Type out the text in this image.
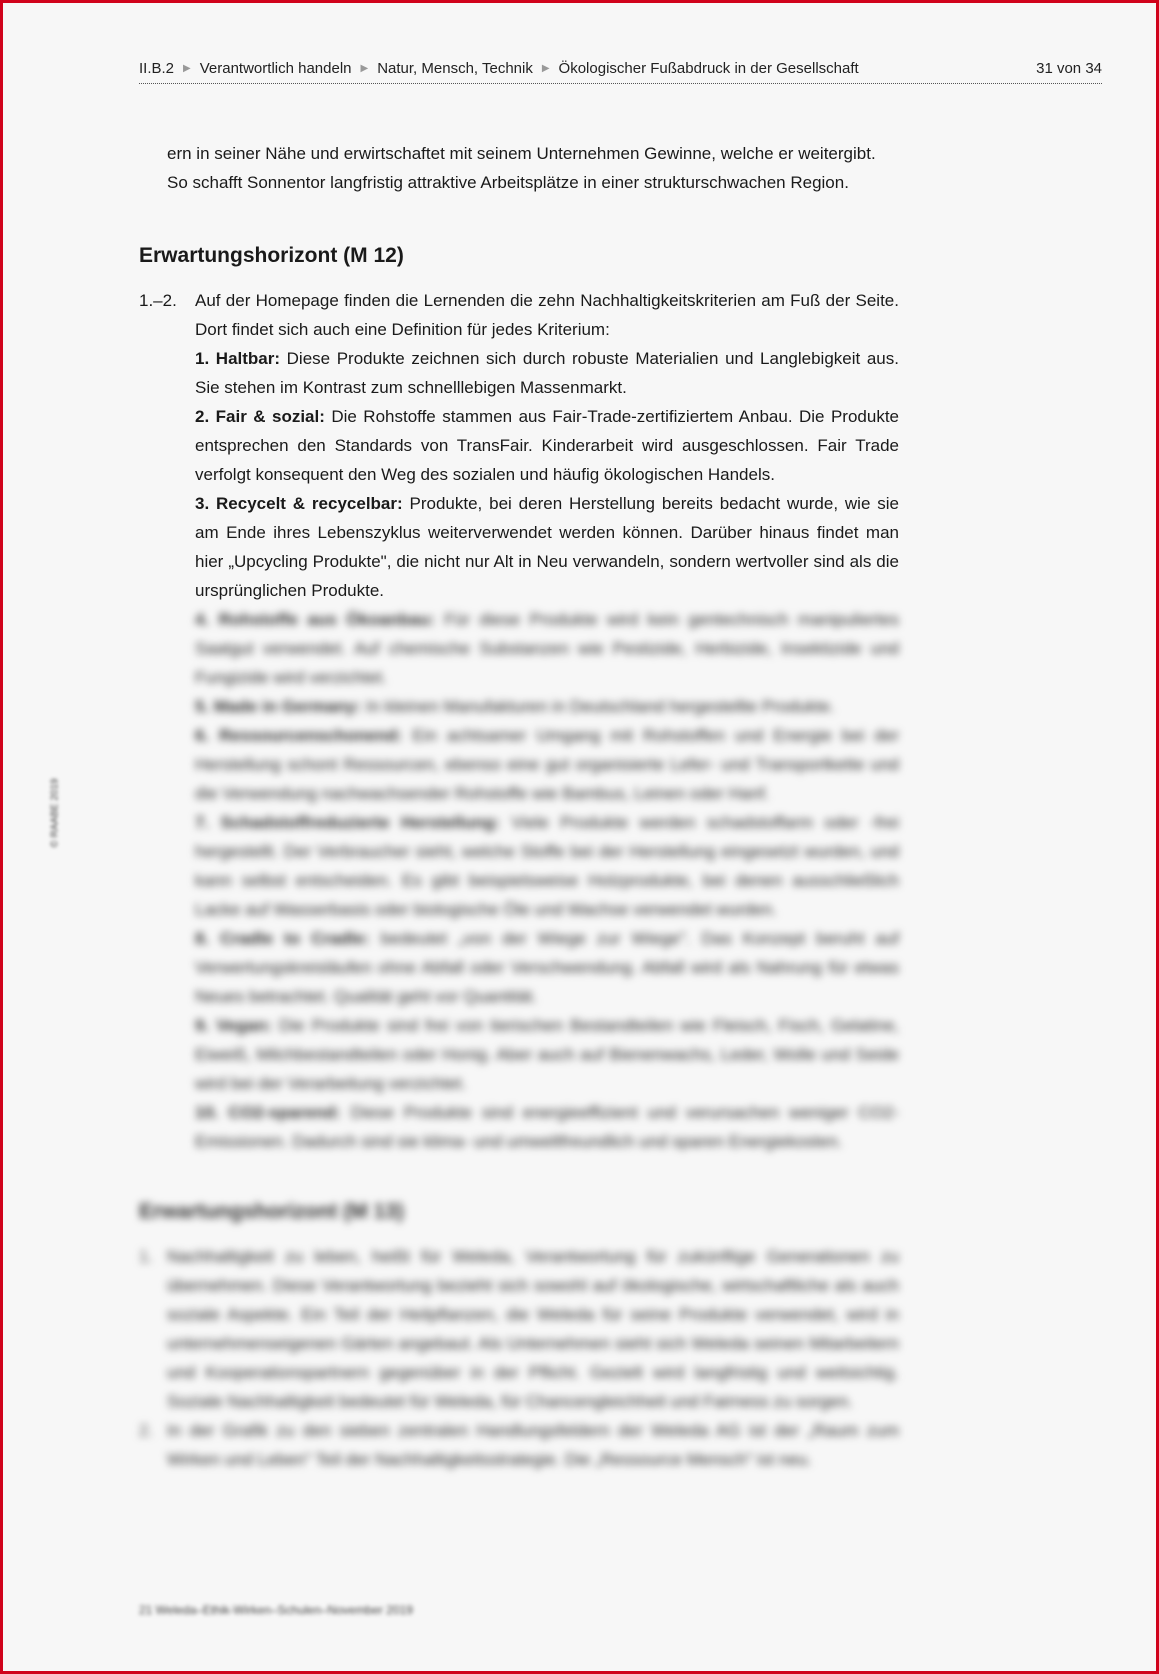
II.B.2 ▶ Verantwortlich handeln ▶ Natur, Mensch, Technik ▶ Ökologischer Fußabdruck in der Gesellschaft	31 von 34

ern in seiner Nähe und erwirtschaftet mit seinem Unternehmen Gewinne, welche er weitergibt.

So schafft Sonnentor langfristig attraktive Arbeitsplätze in einer strukturschwachen Region.

Erwartungshorizont (M 12)
1.–2.	Auf der Homepage finden die Lernenden die zehn Nachhaltigkeitskriterien am Fuß der Seite. Dort findet sich auch eine Definition für jedes Kriterium:

1. Haltbar: Diese Produkte zeichnen sich durch robuste Materialien und Langlebigkeit aus. Sie stehen im Kontrast zum schnelllebigen Massenmarkt.

2. Fair & sozial: Die Rohstoffe stammen aus Fair-Trade-zertifiziertem Anbau. Die Produkte entsprechen den Standards von TransFair. Kinderarbeit wird ausgeschlossen. Fair Trade verfolgt konsequent den Weg des sozialen und häufig ökologischen Handels.

3. Recycelt & recycelbar: Produkte, bei deren Herstellung bereits bedacht wurde, wie sie am Ende ihres Lebenszyklus weiterverwendet werden können. Darüber hinaus findet man hier „Upcycling Produkte", die nicht nur Alt in Neu verwandeln, sondern wertvoller sind als die ursprünglichen Produkte.

4. Rohstoffe aus Ökoanbau: Für diese Produkte wird kein gentechnisch manipuliertes Saatgut verwendet. Auf chemische Substanzen wie Pestizide, Herbizide, Insektizide und Fungizide wird verzichtet.

5. Made in Germany: In kleinen Manufakturen in Deutschland hergestellte Produkte.

6. Ressourcenschonend: Ein achtsamer Umgang mit Rohstoffen und Energie bei der Herstellung schont Ressourcen, ebenso eine gut organisierte Lefer- und Transportkette und die Verwendung nachwachsender Rohstoffe wie Bambus, Leinen oder Hanf.

7. Schadstoffreduzierte Herstellung: Viele Produkte werden schadstoffarm oder -frei hergestellt. Der Verbraucher sieht, welche Stoffe bei der Herstellung eingesetzt wurden, und kann selbst entscheiden. Es gibt beispielsweise Holzprodukte, bei denen ausschließlich Lacke auf Wasserbasis oder biologische Öle und Wachse verwendet wurden.

8. Cradle to Cradle: bedeutet „von der Wiege zur Wiege". Das Konzept beruht auf Verwertungskreisläufen ohne Abfall oder Verschwendung. Abfall wird als Nahrung für etwas Neues betrachtet. Qualität geht vor Quantität.

9. Vegan: Die Produkte sind frei von tierischen Bestandteilen wie Fleisch, Fisch, Gelatine, Eiweiß, Milchbestandteilen oder Honig. Aber auch auf Bienenwachs, Leder, Wolle und Seide wird bei der Verarbeitung verzichtet.

10. CO2-sparend: Diese Produkte sind energieeffizient und verursachen weniger CO2-Emissionen. Dadurch sind sie klima- und umweltfreundlich und sparen Energiekosten.

Erwartungshorizont (M 13)
1. Nachhaltigkeit zu leben, heißt für Weleda, Verantwortung für zukünftige Generationen zu übernehmen. Diese Verantwortung bezieht sich sowohl auf ökologische, wirtschaftliche als auch soziale Aspekte. Ein Teil der Heilpflanzen, die Weleda für seine Produkte verwendet, wird in unternehmenseigenen Gärten angebaut. Als Unternehmen sieht sich Weleda seinen Mitarbeitern und Kooperationspartnern gegenüber in der Pflicht. Gezielt wird langfristig und weitsichtig. Soziale Nachhaltigkeit bedeutet für Weleda, für Chancengleichheit und Fairness zu sorgen.

2. In der Grafik zu den sieben zentralen Handlungsfeldern der Weleda AG ist der „Raum zum Wirken und Leben" Teil der Nachhaltigkeitsstrategie. Die „Ressource Mensch" ist neu.

© RAABE 2019
21 Weleda–Ethik-Wirken–Schulen–November 2019
